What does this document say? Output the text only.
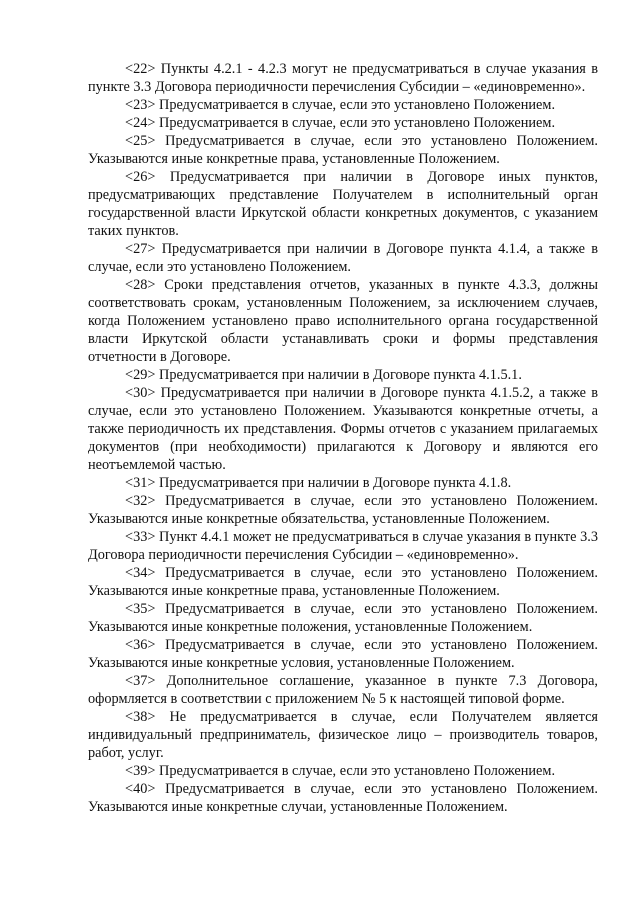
<22> Пункты 4.2.1 - 4.2.3 могут не предусматриваться в случае указания в пункте 3.3 Договора периодичности перечисления Субсидии – «единовременно».

<23> Предусматривается в случае, если это установлено Положением.

<24> Предусматривается в случае, если это установлено Положением.

<25> Предусматривается в случае, если это установлено Положением. Указываются иные конкретные права, установленные Положением.

<26> Предусматривается при наличии в Договоре иных пунктов, предусматривающих представление Получателем в исполнительный орган государственной власти Иркутской области конкретных документов, с указанием таких пунктов.

<27> Предусматривается при наличии в Договоре пункта 4.1.4, а также в случае, если это установлено Положением.

<28> Сроки представления отчетов, указанных в пункте 4.3.3, должны соответствовать срокам, установленным Положением, за исключением случаев, когда Положением установлено право исполнительного органа государственной власти Иркутской области устанавливать сроки и формы представления отчетности в Договоре.

<29> Предусматривается при наличии в Договоре пункта 4.1.5.1.

<30> Предусматривается при наличии в Договоре пункта 4.1.5.2, а также в случае, если это установлено Положением. Указываются конкретные отчеты, а также периодичность их представления. Формы отчетов с указанием прилагаемых документов (при необходимости) прилагаются к Договору и являются его неотъемлемой частью.

<31> Предусматривается при наличии в Договоре пункта 4.1.8.

<32> Предусматривается в случае, если это установлено Положением. Указываются иные конкретные обязательства, установленные Положением.

<33> Пункт 4.4.1 может не предусматриваться в случае указания в пункте 3.3 Договора периодичности перечисления Субсидии – «единовременно».

<34> Предусматривается в случае, если это установлено Положением. Указываются иные конкретные права, установленные Положением.

<35> Предусматривается в случае, если это установлено Положением. Указываются иные конкретные положения, установленные Положением.

<36> Предусматривается в случае, если это установлено Положением. Указываются иные конкретные условия, установленные Положением.

<37> Дополнительное соглашение, указанное в пункте 7.3 Договора, оформляется в соответствии с приложением № 5 к настоящей типовой форме.

<38> Не предусматривается в случае, если Получателем является индивидуальный предприниматель, физическое лицо – производитель товаров, работ, услуг.

<39> Предусматривается в случае, если это установлено Положением.

<40> Предусматривается в случае, если это установлено Положением. Указываются иные конкретные случаи, установленные Положением.
